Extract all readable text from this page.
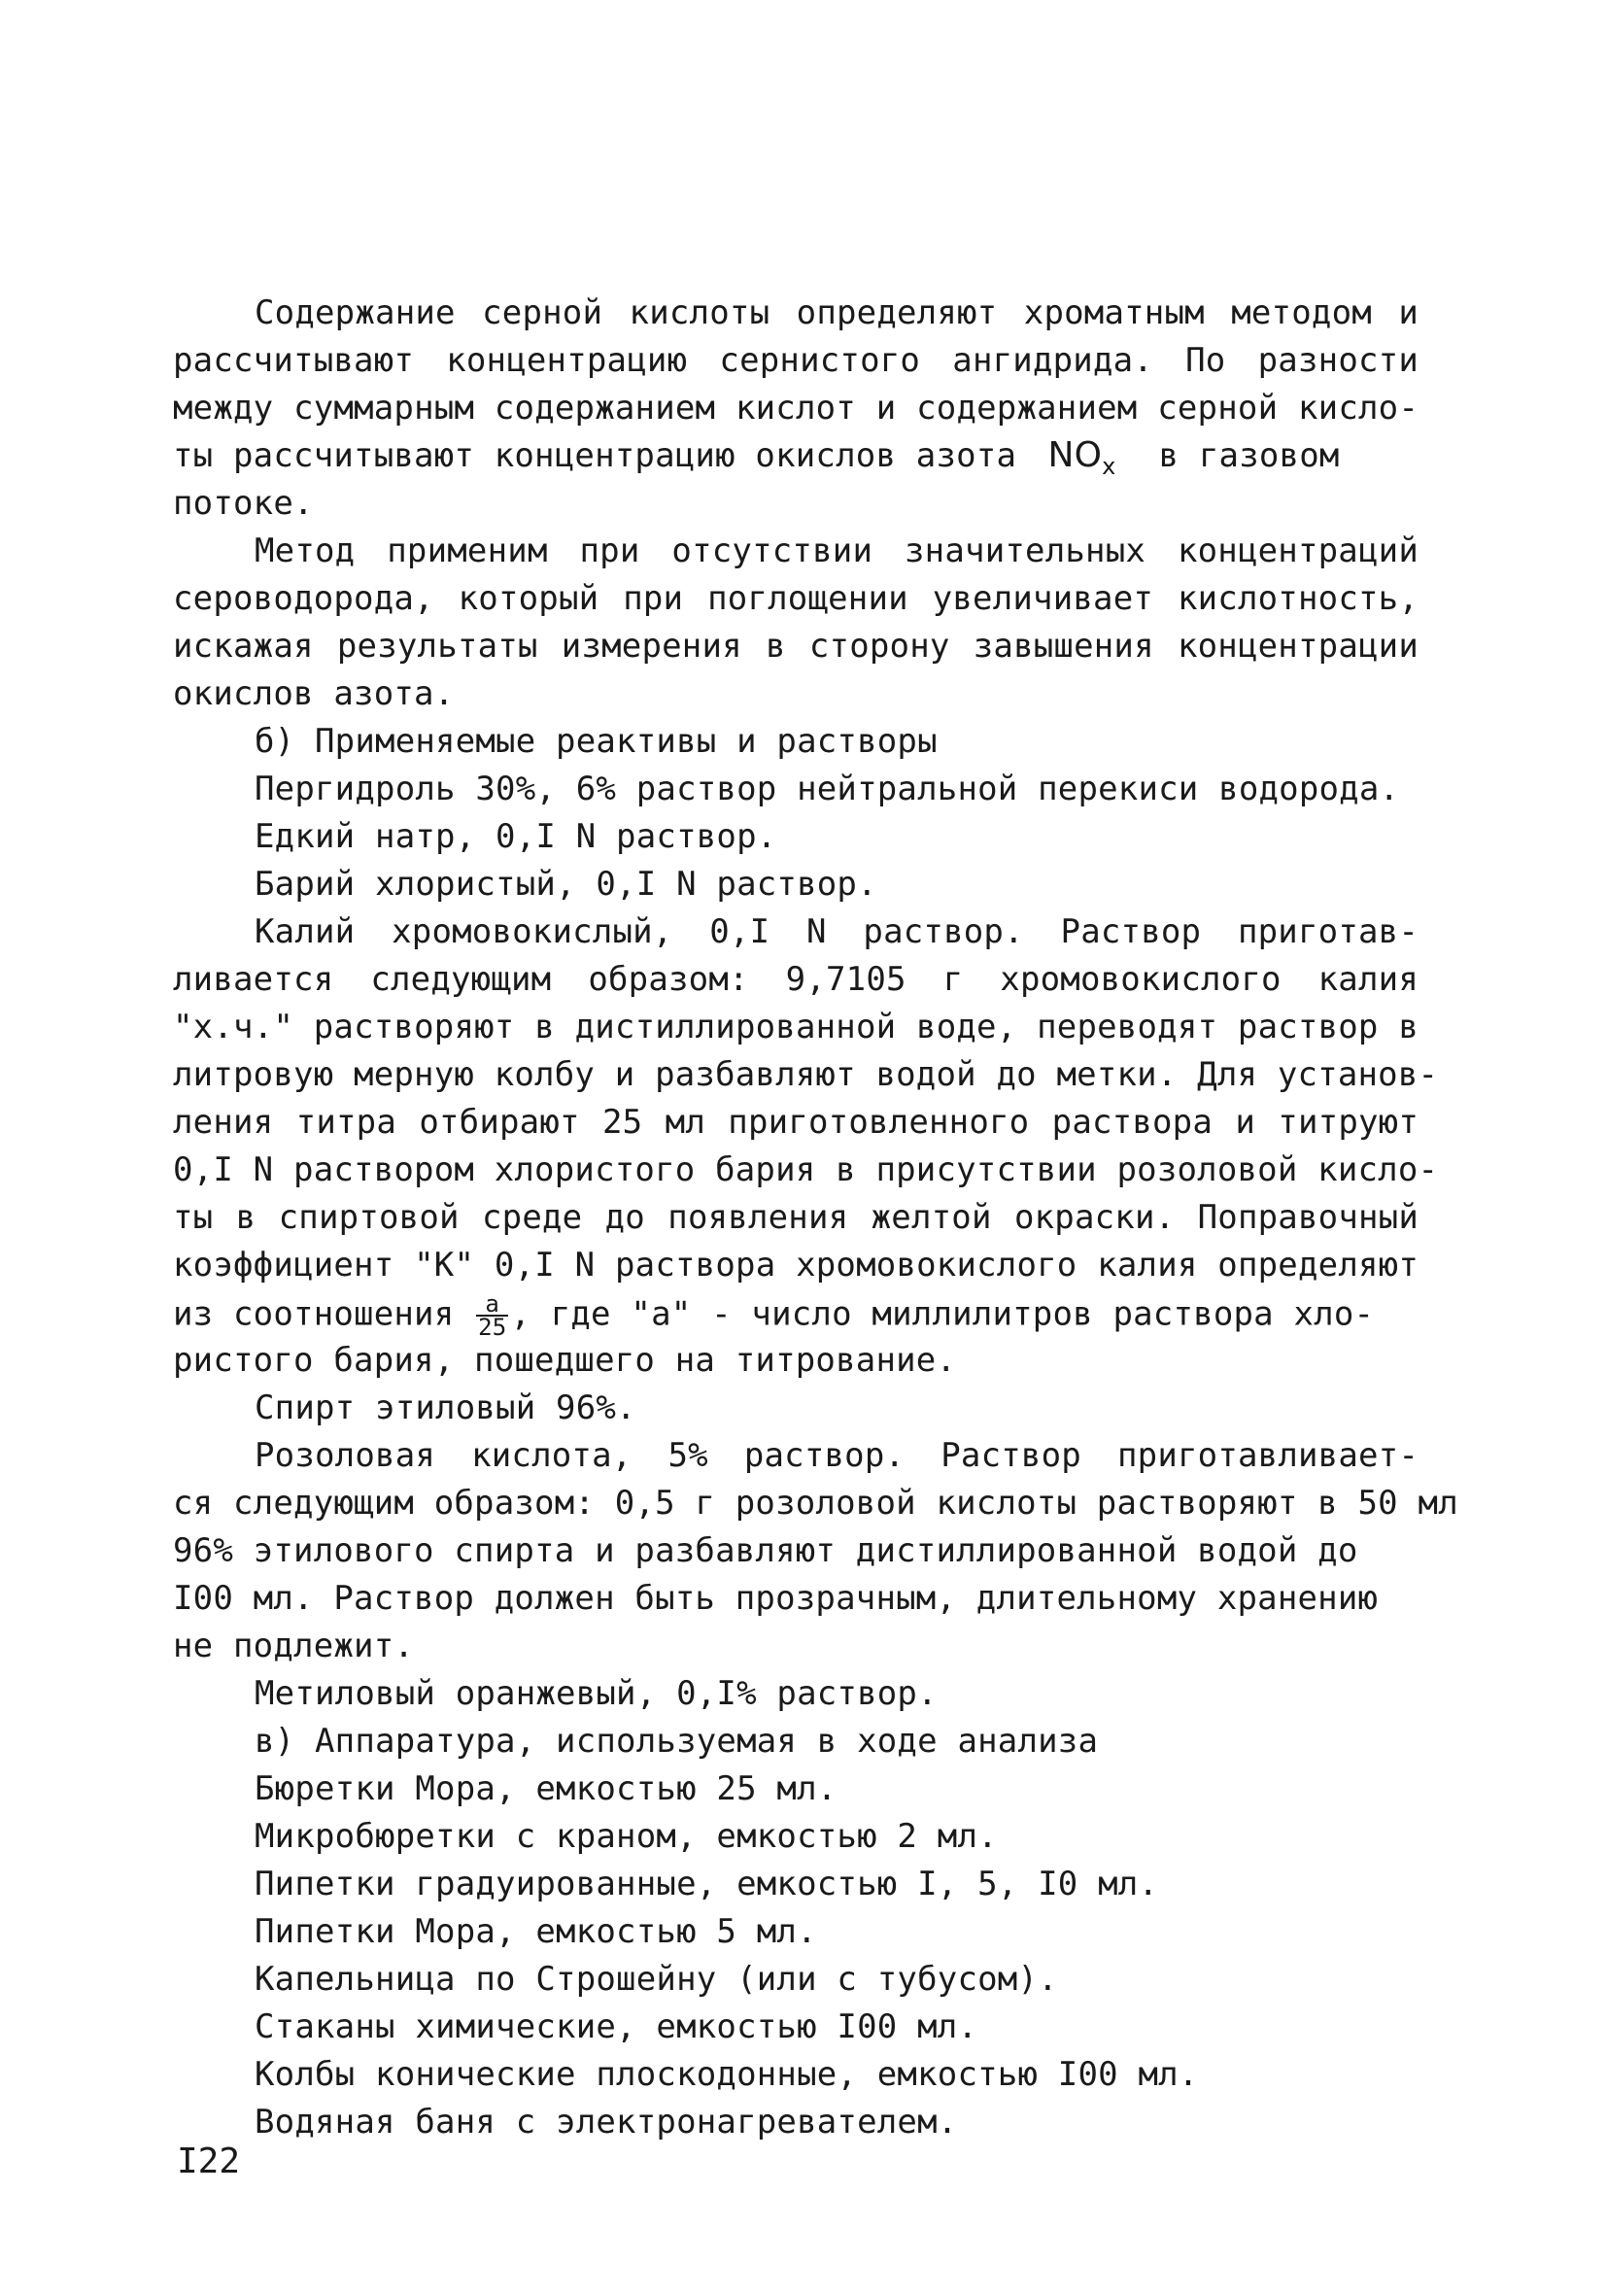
Содержание серной кислоты определяют хроматным методом и
рассчитывают концентрацию сернистого ангидрида. По разности
между суммарным содержанием кислот и содержанием серной кисло-
ты рассчитывают концентрацию окислов азота $NO_x$ в газовом
потоке.
Метод применим при отсутствии значительных концентраций
сероводорода, который при поглощении увеличивает кислотность,
искажая результаты измерения в сторону завышения концентрации
окислов азота.
б) Применяемые реактивы и растворы
Пергидроль 30%, 6% раствор нейтральной перекиси водорода.
Едкий натр, 0,I N раствор.
Барий хлористый, 0,I N раствор.
Калий хромовокислый, 0,I N раствор. Раствор приготав-
ливается следующим образом: 9,7105 г хромовокислого калия
"х.ч." растворяют в дистиллированной воде, переводят раствор в
литровую мерную колбу и разбавляют водой до метки. Для установ-
ления титра отбирают 25 мл приготовленного раствора и титруют
0,I N раствором хлористого бария в присутствии розоловой кисло-
ты в спиртовой среде до появления желтой окраски. Поправочный
коэффициент "К" 0,I N раствора хромовокислого калия определяют
из соотношения $\frac{a}{25}$ , где "a" - число миллилитров раствора хло-
ристого бария, пошедшего на титрование.
Спирт этиловый 96%.
Розоловая кислота, 5% раствор. Раствор приготавливает-
ся следующим образом: 0,5 г розоловой кислоты растворяют в 50 мл
96% этилового спирта и разбавляют дистиллированной водой до
I00 мл. Раствор должен быть прозрачным, длительному хранению
не подлежит.
Метиловый оранжевый, 0,I% раствор.
в) Аппаратура, используемая в ходе анализа
Бюретки Мора, емкостью 25 мл.
Микробюретки с краном, емкостью 2 мл.
Пипетки градуированные, емкостью I, 5, I0 мл.
Пипетки Мора, емкостью 5 мл.
Капельница по Строшейну (или с тубусом).
Стаканы химические, емкостью I00 мл.
Колбы конические плоскодонные, емкостью I00 мл.
Водяная баня с электронагревателем.
I22
